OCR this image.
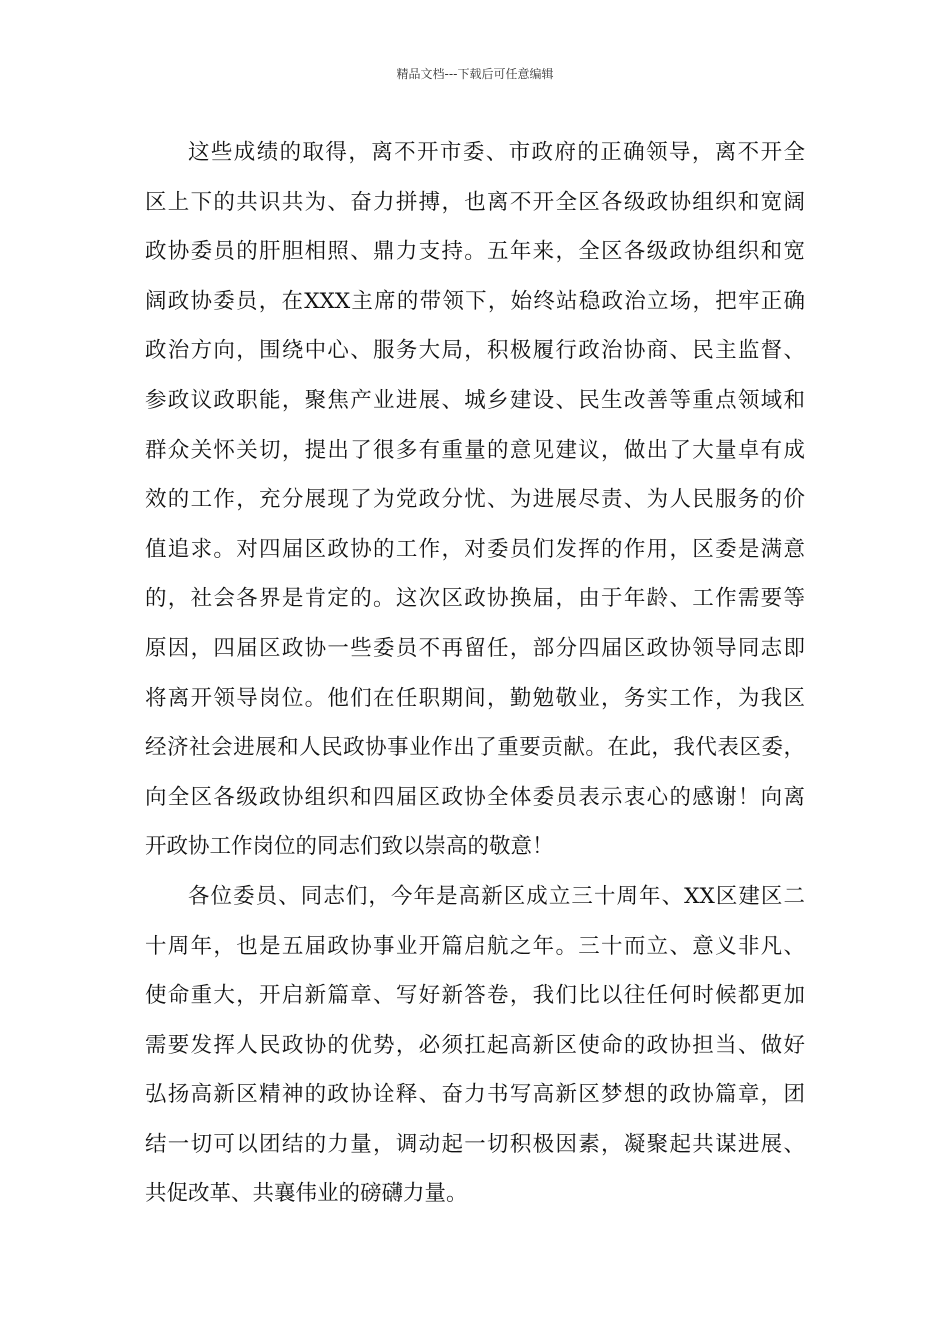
精品文档---下载后可任意编辑
这些成绩的取得，离不开市委、市政府的正确领导，离不开全
区上下的共识共为、奋力拼搏，也离不开全区各级政协组织和宽阔
政协委员的肝胆相照、鼎力支持。五年来，全区各级政协组织和宽
阔政协委员，在XXX主席的带领下，始终站稳政治立场，把牢正确
政治方向，围绕中心、服务大局，积极履行政治协商、民主监督、
参政议政职能，聚焦产业进展、城乡建设、民生改善等重点领域和
群众关怀关切，提出了很多有重量的意见建议，做出了大量卓有成
效的工作，充分展现了为党政分忧、为进展尽责、为人民服务的价
值追求。对四届区政协的工作，对委员们发挥的作用，区委是满意
的，社会各界是肯定的。这次区政协换届，由于年龄、工作需要等
原因，四届区政协一些委员不再留任，部分四届区政协领导同志即
将离开领导岗位。他们在任职期间，勤勉敬业，务实工作，为我区
经济社会进展和人民政协事业作出了重要贡献。在此，我代表区委，
向全区各级政协组织和四届区政协全体委员表示衷心的感谢！向离
开政协工作岗位的同志们致以崇高的敬意！
各位委员、同志们，今年是高新区成立三十周年、XX区建区二
十周年，也是五届政协事业开篇启航之年。三十而立、意义非凡、
使命重大，开启新篇章、写好新答卷，我们比以往任何时候都更加
需要发挥人民政协的优势，必须扛起高新区使命的政协担当、做好
弘扬高新区精神的政协诠释、奋力书写高新区梦想的政协篇章，团
结一切可以团结的力量，调动起一切积极因素，凝聚起共谋进展、
共促改革、共襄伟业的磅礴力量。
